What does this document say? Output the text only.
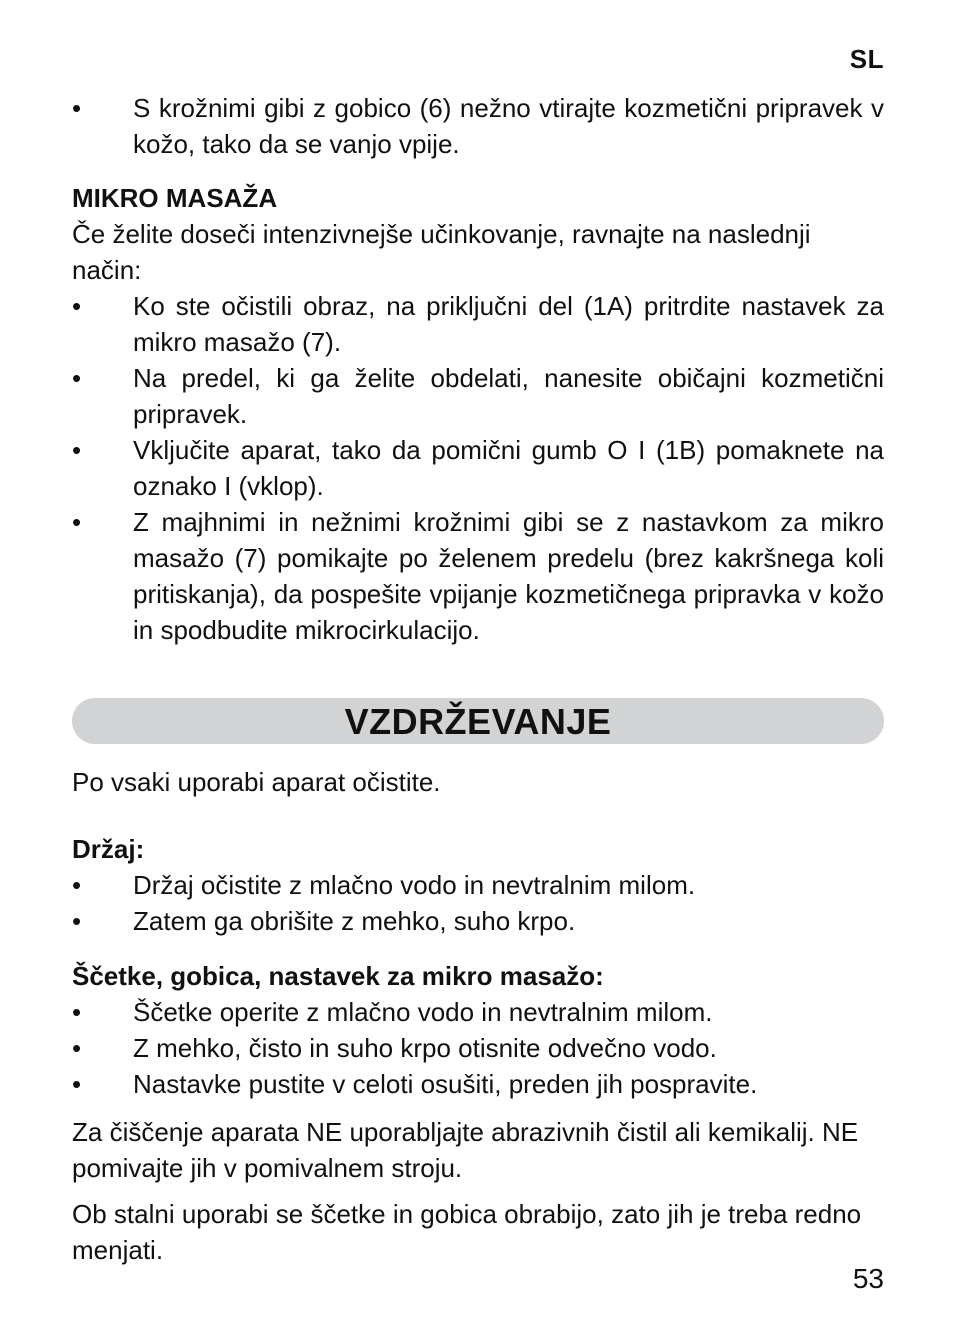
SL
•	S krožnimi gibi z gobico (6) nežno vtirajte kozmetični pripravek v kožo, tako da se vanjo vpije.
MIKRO MASAŽA

Če želite doseči intenzivnejše učinkovanje, ravnajte na naslednji način:

•	Ko ste očistili obraz, na priključni del (1A) pritrdite nastavek za mikro masažo (7).
•	Na predel, ki ga želite obdelati, nanesite običajni kozmetični pripravek.
•	Vključite aparat, tako da pomični gumb O I (1B) pomaknete na oznako I (vklop).
•	Z majhnimi in nežnimi krožnimi gibi se z nastavkom za mikro masažo (7) pomikajte po želenem predelu (brez kakršnega koli pritiskanja), da pospešite vpijanje kozmetičnega pripravka v kožo in spodbudite mikrocirkulacijo.
VZDRŽEVANJE

Po vsaki uporabi aparat očistite.

Držaj:
•	Držaj očistite z mlačno vodo in nevtralnim milom.
•	Zatem ga obrišite z mehko, suho krpo.
Ščetke, gobica, nastavek za mikro masažo:
•	Ščetke operite z mlačno vodo in nevtralnim milom.
•	Z mehko, čisto in suho krpo otisnite odvečno vodo.
•	Nastavke pustite v celoti osušiti, preden jih pospravite.

Za čiščenje aparata NE uporabljajte abrazivnih čistil ali kemikalij. NE pomivajte jih v pomivalnem stroju.

Ob stalni uporabi se ščetke in gobica obrabijo, zato jih je treba redno menjati.

53
